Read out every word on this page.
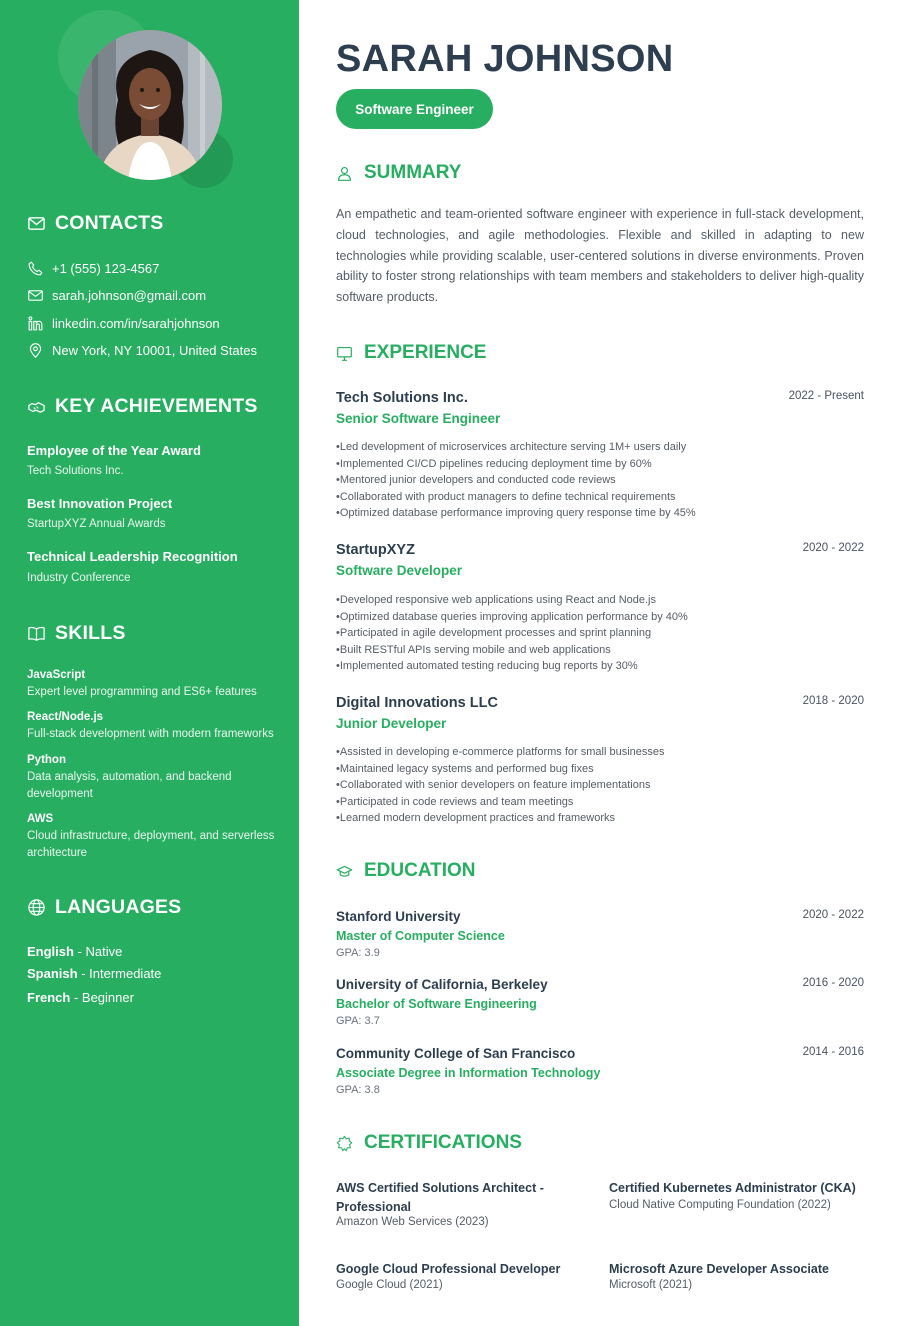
CONTACTS
+1 (555) 123-4567
sarah.johnson@gmail.com
linkedin.com/in/sarahjohnson
New York, NY 10001, United States
KEY ACHIEVEMENTS
Employee of the Year Award
Tech Solutions Inc.
Best Innovation Project
StartupXYZ Annual Awards
Technical Leadership Recognition
Industry Conference
SKILLS
JavaScript
Expert level programming and ES6+ features
React/Node.js
Full-stack development with modern frameworks
Python
Data analysis, automation, and backend development
AWS
Cloud infrastructure, deployment, and serverless architecture
LANGUAGES
English - Native
Spanish - Intermediate
French - Beginner
SARAH JOHNSON
Software Engineer
SUMMARY

An empathetic and team-oriented software engineer with experience in full-stack development, cloud technologies, and agile methodologies. Flexible and skilled in adapting to new technologies while providing scalable, user-centered solutions in diverse environments. Proven ability to foster strong relationships with team members and stakeholders to deliver high-quality software products.

EXPERIENCE
Tech Solutions Inc.	2022 - Present
Senior Software Engineer
• Led development of microservices architecture serving 1M+ users daily
• Implemented CI/CD pipelines reducing deployment time by 60%
• Mentored junior developers and conducted code reviews
• Collaborated with product managers to define technical requirements
• Optimized database performance improving query response time by 45%
StartupXYZ	2020 - 2022
Software Developer
• Developed responsive web applications using React and Node.js
• Optimized database queries improving application performance by 40%
• Participated in agile development processes and sprint planning
• Built RESTful APIs serving mobile and web applications
• Implemented automated testing reducing bug reports by 30%
Digital Innovations LLC	2018 - 2020
Junior Developer
• Assisted in developing e-commerce platforms for small businesses
• Maintained legacy systems and performed bug fixes
• Collaborated with senior developers on feature implementations
• Participated in code reviews and team meetings
• Learned modern development practices and frameworks
EDUCATION
Stanford University	2020 - 2022
Master of Computer Science
GPA: 3.9
University of California, Berkeley	2016 - 2020
Bachelor of Software Engineering
GPA: 3.7
Community College of San Francisco	2014 - 2016
Associate Degree in Information Technology
GPA: 3.8
CERTIFICATIONS
AWS Certified Solutions Architect - Professional
Amazon Web Services (2023)
Certified Kubernetes Administrator (CKA)
Cloud Native Computing Foundation (2022)
Google Cloud Professional Developer
Google Cloud (2021)
Microsoft Azure Developer Associate
Microsoft (2021)
